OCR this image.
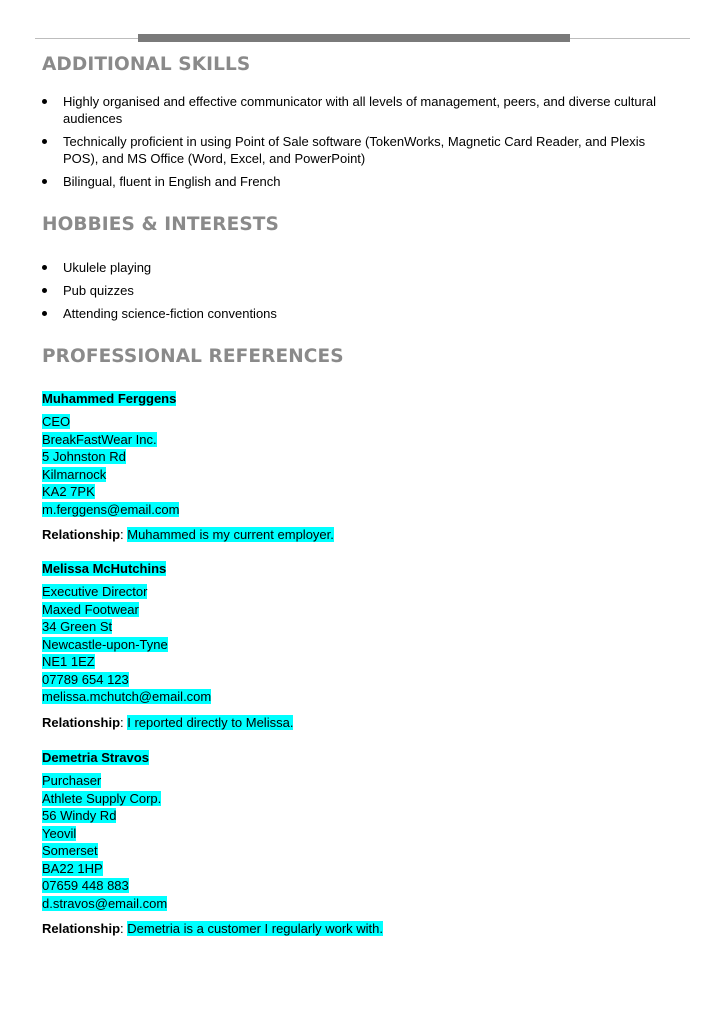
ADDITIONAL SKILLS
Highly organised and effective communicator with all levels of management, peers, and diverse cultural audiences
Technically proficient in using Point of Sale software (TokenWorks, Magnetic Card Reader, and Plexis POS), and MS Office (Word, Excel, and PowerPoint)
Bilingual, fluent in English and French
HOBBIES & INTERESTS
Ukulele playing
Pub quizzes
Attending science-fiction conventions
PROFESSIONAL REFERENCES
Muhammed Ferggens
CEO
BreakFastWear Inc.
5 Johnston Rd
Kilmarnock
KA2 7PK
m.ferggens@email.com
Relationship: Muhammed is my current employer.
Melissa McHutchins
Executive Director
Maxed Footwear
34 Green St
Newcastle-upon-Tyne
NE1 1EZ
07789 654 123
melissa.mchutch@email.com
Relationship: I reported directly to Melissa.
Demetria Stravos
Purchaser
Athlete Supply Corp.
56 Windy Rd
Yeovil
Somerset
BA22 1HP
07659 448 883
d.stravos@email.com
Relationship: Demetria is a customer I regularly work with.
